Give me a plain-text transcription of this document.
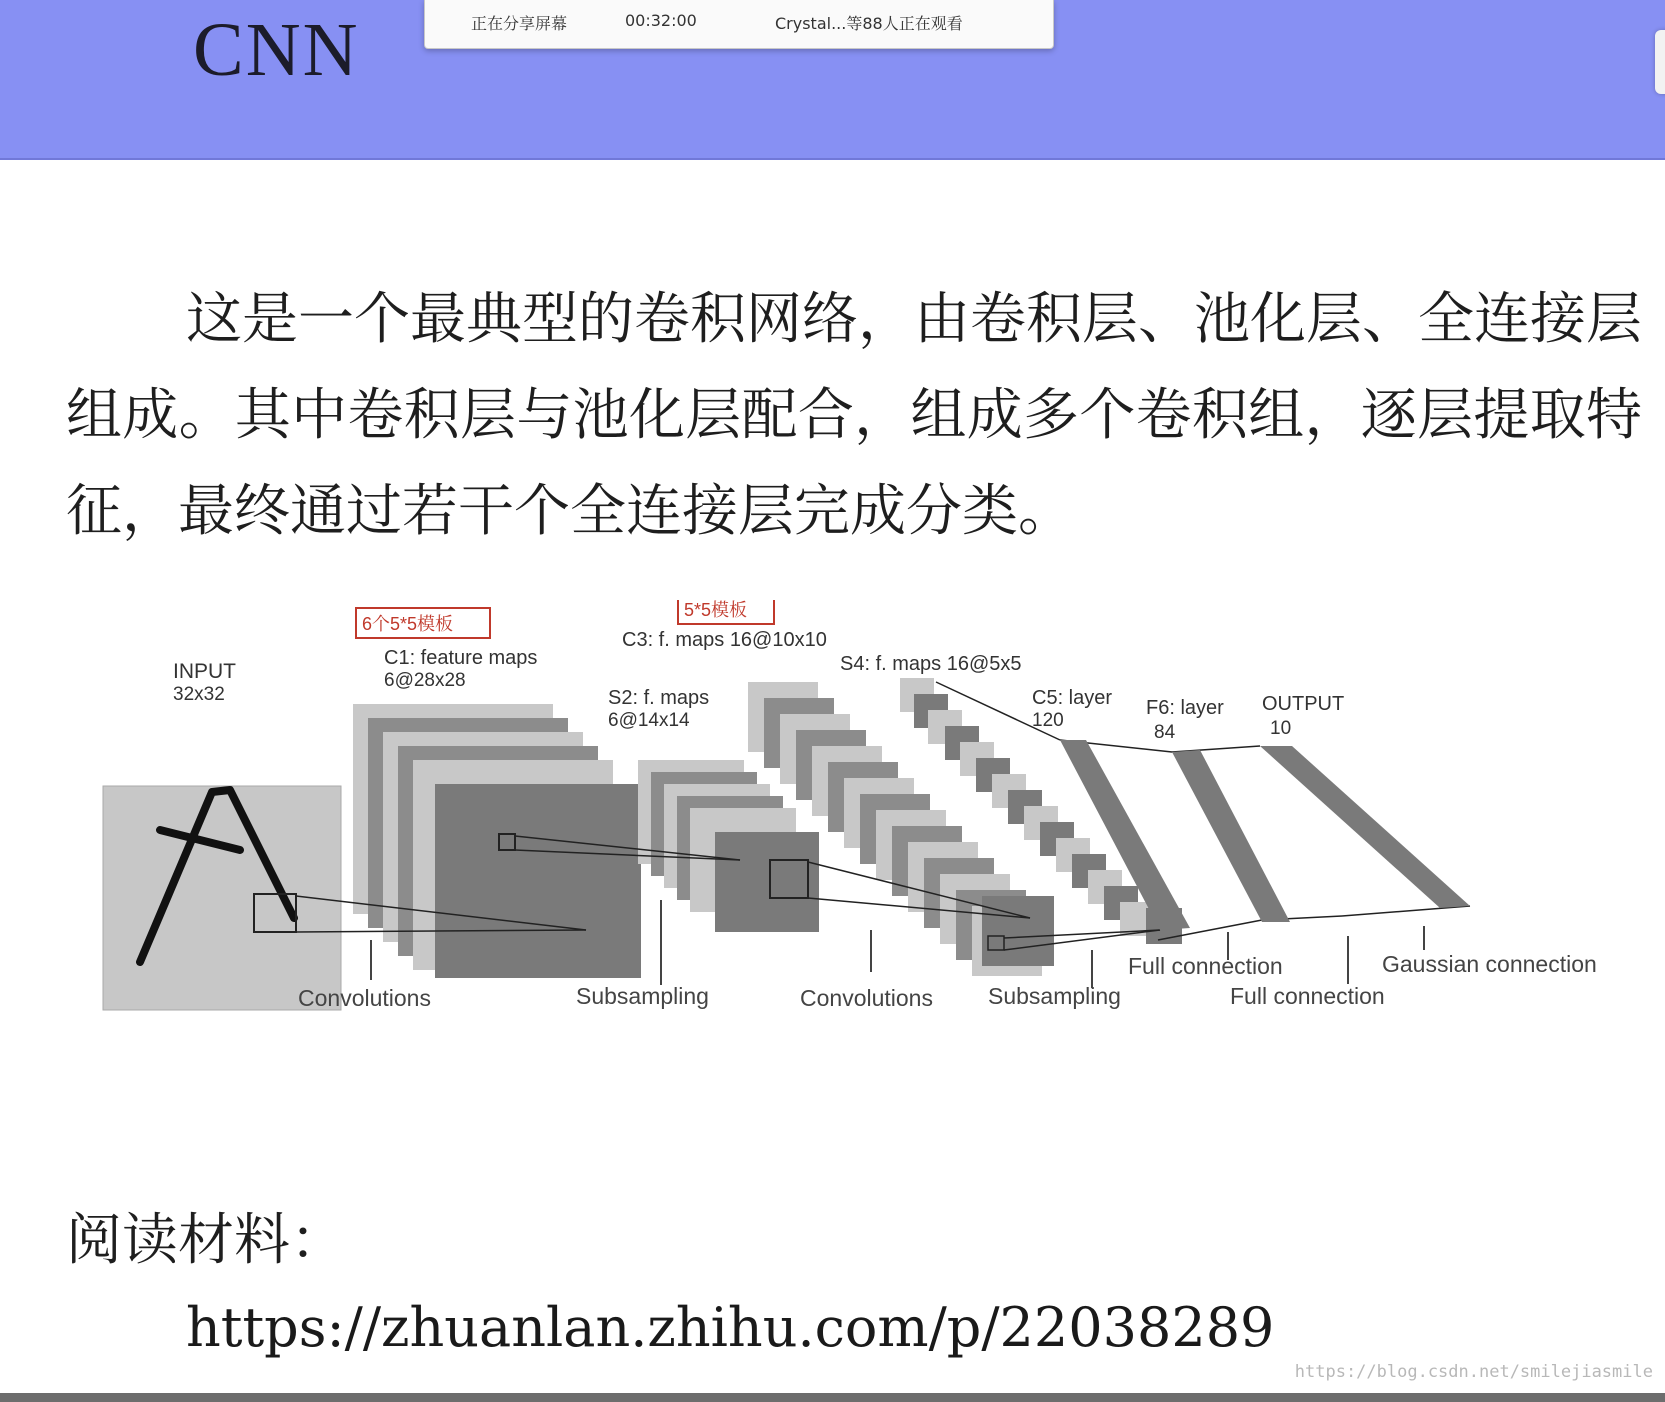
CNN	正在分享屏幕	00:32:00	Crystal...等88人正在观看
这是一个最典型的卷积网络，由卷积层、池化层、全连接层组成。其中卷积层与池化层配合，组成多个卷积组，逐层提取特征，最终通过若干个全连接层完成分类。
INPUT
32x32
6个5*5模板
C1: feature maps
6@28x28
S2: f. maps
6@14x14
5*5模板
C3: f. maps 16@10x10
S4: f. maps 16@5x5
C5: layer
120
F6: layer
84
OUTPUT
10
Convolutions	Subsampling	Convolutions Subsampling
Full connection
Full connection
Gaussian connection
阅读材料：
https://zhuanlan.zhihu.com/p/22038289
https://blog.csdn.net/smilejiasmile
